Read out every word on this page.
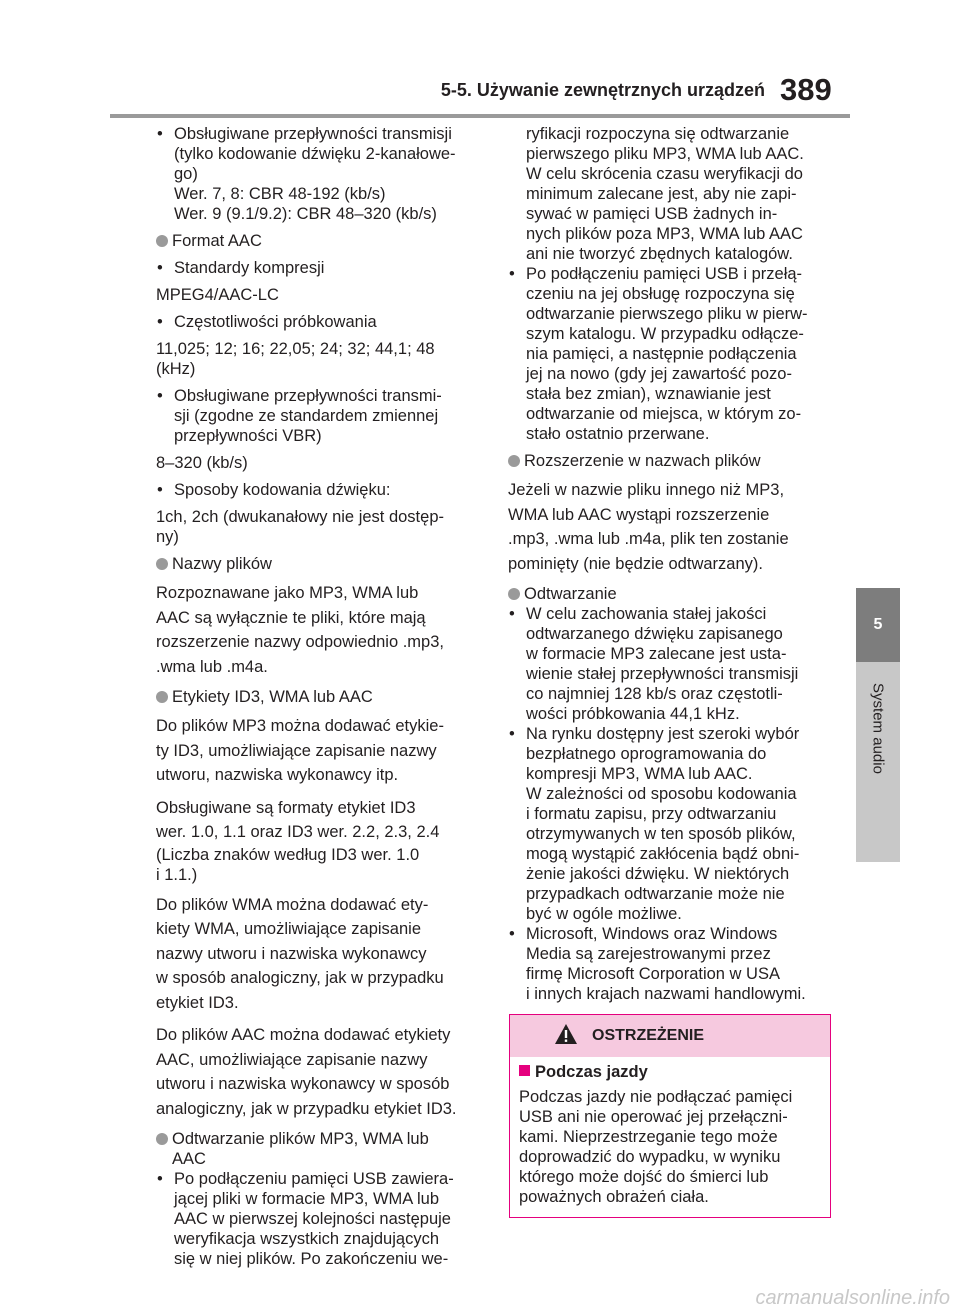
5-5. Używanie zewnętrznych urządzeń 389
5
System audio
• Obsługiwane przepływności transmisji
(tylko kodowanie dźwięku 2-kanałowe-
go)
Wer. 7, 8: CBR 48-192 (kb/s)
Wer. 9 (9.1/9.2): CBR 48–320 (kb/s)
Format AAC
• Standardy kompresji
MPEG4/AAC-LC
• Częstotliwości próbkowania
11,025; 12; 16; 22,05; 24; 32; 44,1; 48
(kHz)
• Obsługiwane przepływności transmi-
sji (zgodne ze standardem zmiennej
przepływności VBR)
8–320 (kb/s)
• Sposoby kodowania dźwięku:
1ch, 2ch (dwukanałowy nie jest dostęp-
ny)
Nazwy plików
Rozpoznawane jako MP3, WMA lub
AAC są wyłącznie te pliki, które mają
rozszerzenie nazwy odpowiednio .mp3,
.wma lub .m4a.
Etykiety ID3, WMA lub AAC
Do plików MP3 można dodawać etykie-
ty ID3, umożliwiające zapisanie nazwy
utworu, nazwiska wykonawcy itp.
Obsługiwane są formaty etykiet ID3
wer. 1.0, 1.1 oraz ID3 wer. 2.2, 2.3, 2.4
(Liczba znaków według ID3 wer. 1.0
i 1.1.)
Do plików WMA można dodawać ety-
kiety WMA, umożliwiające zapisanie
nazwy utworu i nazwiska wykonawcy
w sposób analogiczny, jak w przypadku
etykiet ID3.
Do plików AAC można dodawać etykiety
AAC, umożliwiające zapisanie nazwy
utworu i nazwiska wykonawcy w sposób
analogiczny, jak w przypadku etykiet ID3.
Odtwarzanie plików MP3, WMA lub
AAC
• Po podłączeniu pamięci USB zawiera-
jącej pliki w formacie MP3, WMA lub
AAC w pierwszej kolejności następuje
weryfikacja wszystkich znajdujących
się w niej plików. Po zakończeniu we-
ryfikacji rozpoczyna się odtwarzanie
pierwszego pliku MP3, WMA lub AAC.
W celu skrócenia czasu weryfikacji do
minimum zalecane jest, aby nie zapi-
sywać w pamięci USB żadnych in-
nych plików poza MP3, WMA lub AAC
ani nie tworzyć zbędnych katalogów.
• Po podłączeniu pamięci USB i przełą-
czeniu na jej obsługę rozpoczyna się
odtwarzanie pierwszego pliku w pierw-
szym katalogu. W przypadku odłącze-
nia pamięci, a następnie podłączenia
jej na nowo (gdy jej zawartość pozo-
stała bez zmian), wznawianie jest
odtwarzanie od miejsca, w którym zo-
stało ostatnio przerwane.
Rozszerzenie w nazwach plików
Jeżeli w nazwie pliku innego niż MP3,
WMA lub AAC wystąpi rozszerzenie
.mp3, .wma lub .m4a, plik ten zostanie
pominięty (nie będzie odtwarzany).
Odtwarzanie
• W celu zachowania stałej jakości
odtwarzanego dźwięku zapisanego
w formacie MP3 zalecane jest usta-
wienie stałej przepływności transmisji
co najmniej 128 kb/s oraz częstotli-
wości próbkowania 44,1 kHz.
• Na rynku dostępny jest szeroki wybór
bezpłatnego oprogramowania do
kompresji MP3, WMA lub AAC.
W zależności od sposobu kodowania
i formatu zapisu, przy odtwarzaniu
otrzymywanych w ten sposób plików,
mogą wystąpić zakłócenia bądź obni-
żenie jakości dźwięku. W niektórych
przypadkach odtwarzanie może nie
być w ogóle możliwe.
• Microsoft, Windows oraz Windows
Media są zarejestrowanymi przez
firmę Microsoft Corporation w USA
i innych krajach nazwami handlowymi.
OSTRZEŻENIE
Podczas jazdy
Podczas jazdy nie podłączać pamięci
USB ani nie operować jej przełączni-
kami. Nieprzestrzeganie tego może
doprowadzić do wypadku, w wyniku
którego może dojść do śmierci lub
poważnych obrażeń ciała.
carmanualsonline.info
